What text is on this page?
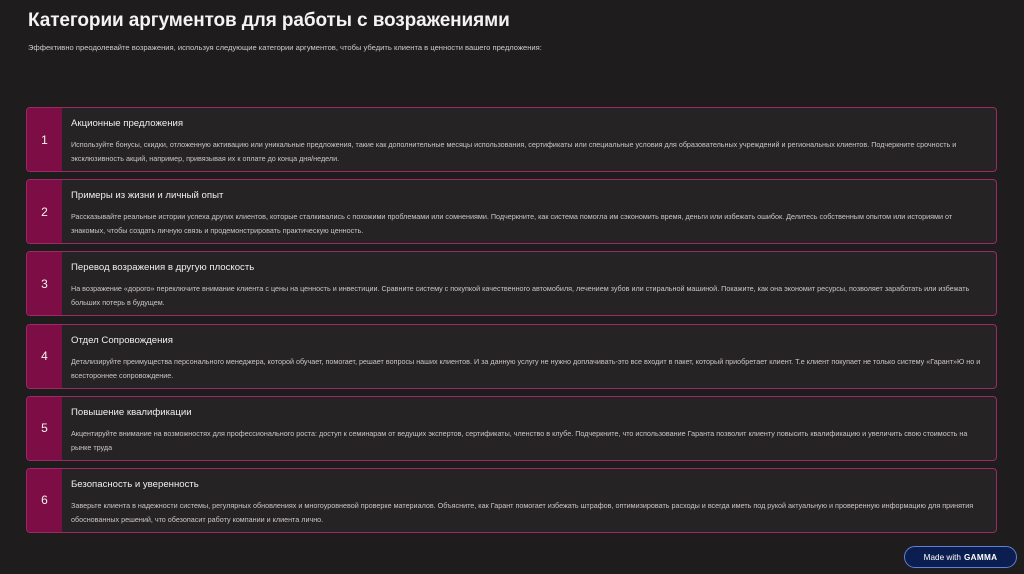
Категории аргументов для работы с возражениями

Эффективно преодолевайте возражения, используя следующие категории аргументов, чтобы убедить клиента в ценности вашего предложения:

1
Акционные предложения
Используйте бонусы, скидки, отложенную активацию или уникальные предложения, такие как дополнительные месяцы использования, сертификаты или специальные условия для образовательных учреждений и региональных клиентов. Подчеркните срочность и эксклюзивность акций, например, привязывая их к оплате до конца дня/недели.
2
Примеры из жизни и личный опыт
Рассказывайте реальные истории успеха других клиентов, которые сталкивались с похожими проблемами или сомнениями. Подчеркните, как система помогла им сэкономить время, деньги или избежать ошибок. Делитесь собственным опытом или историями от знакомых, чтобы создать личную связь и продемонстрировать практическую ценность.
3
Перевод возражения в другую плоскость
На возражение «дорого» переключите внимание клиента с цены на ценность и инвестиции. Сравните систему с покупкой качественного автомобиля, лечением зубов или стиральной машиной. Покажите, как она экономит ресурсы, позволяет заработать или избежать больших потерь в будущем.
4
Отдел Сопровождения
Детализируйте преимущества персонального менеджера, которой обучает, помогает, решает вопросы наших клиентов. И за данную услугу не нужно доплачивать-это все входит в пакет, который приобретает клиент. Т.е клиент покупает не только систему «Гарант»Ю но и всестороннее сопровождение.
5
Повышение квалификации
Акцентируйте внимание на возможностях для профессионального роста: доступ к семинарам от ведущих экспертов, сертификаты, членство в клубе. Подчеркните, что использование Гаранта позволит клиенту повысить квалификацию и увеличить свою стоимость на рынке труда
6
Безопасность и уверенность
Заверьте клиента в надежности системы, регулярных обновлениях и многоуровневой проверке материалов. Объясните, как Гарант помогает избежать штрафов, оптимизировать расходы и всегда иметь под рукой актуальную и проверенную информацию для принятия обоснованных решений, что обезопасит работу компании и клиента лично.
Made with GAMMA
